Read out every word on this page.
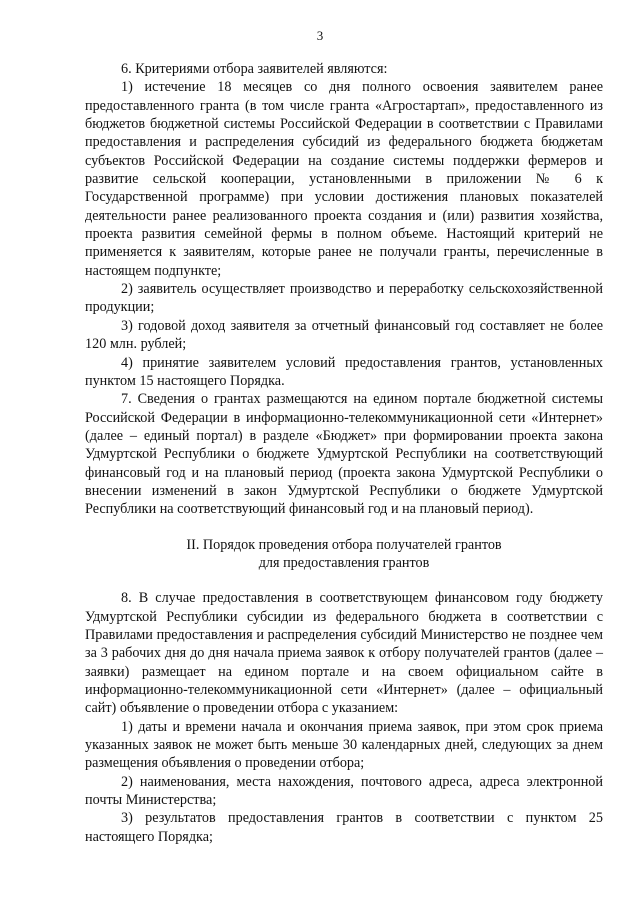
3

6. Критериями отбора заявителей являются:

1) истечение 18 месяцев со дня полного освоения заявителем ранее предоставленного гранта (в том числе гранта «Агростартап», предоставленного из бюджетов бюджетной системы Российской Федерации в соответствии с Правилами предоставления и распределения субсидий из федерального бюджета бюджетам субъектов Российской Федерации на создание системы поддержки фермеров и развитие сельской кооперации, установленными в приложении № 6 к Государственной программе) при условии достижения плановых показателей деятельности ранее реализованного проекта создания и (или) развития хозяйства, проекта развития семейной фермы в полном объеме. Настоящий критерий не применяется к заявителям, которые ранее не получали гранты, перечисленные в настоящем подпункте;

2) заявитель осуществляет производство и переработку сельскохозяйственной продукции;

3) годовой доход заявителя за отчетный финансовый год составляет не более 120 млн. рублей;

4) принятие заявителем условий предоставления грантов, установленных пунктом 15 настоящего Порядка.

7. Сведения о грантах размещаются на едином портале бюджетной системы Российской Федерации в информационно-телекоммуникационной сети «Интернет» (далее – единый портал) в разделе «Бюджет» при формировании проекта закона Удмуртской Республики о бюджете Удмуртской Республики на соответствующий финансовый год и на плановый период (проекта закона Удмуртской Республики о внесении изменений в закон Удмуртской Республики о бюджете Удмуртской Республики на соответствующий финансовый год и на плановый период).

II. Порядок проведения отбора получателей грантов
для предоставления грантов

8. В случае предоставления в соответствующем финансовом году бюджету Удмуртской Республики субсидии из федерального бюджета в соответствии с Правилами предоставления и распределения субсидий Министерство не позднее чем за 3 рабочих дня до дня начала приема заявок к отбору получателей грантов (далее – заявки) размещает на едином портале и на своем официальном сайте в информационно-телекоммуникационной сети «Интернет» (далее – официальный сайт) объявление о проведении отбора с указанием:

1) даты и времени начала и окончания приема заявок, при этом срок приема указанных заявок не может быть меньше 30 календарных дней, следующих за днем размещения объявления о проведении отбора;

2) наименования, места нахождения, почтового адреса, адреса электронной почты Министерства;

3) результатов предоставления грантов в соответствии с пунктом 25 настоящего Порядка;
